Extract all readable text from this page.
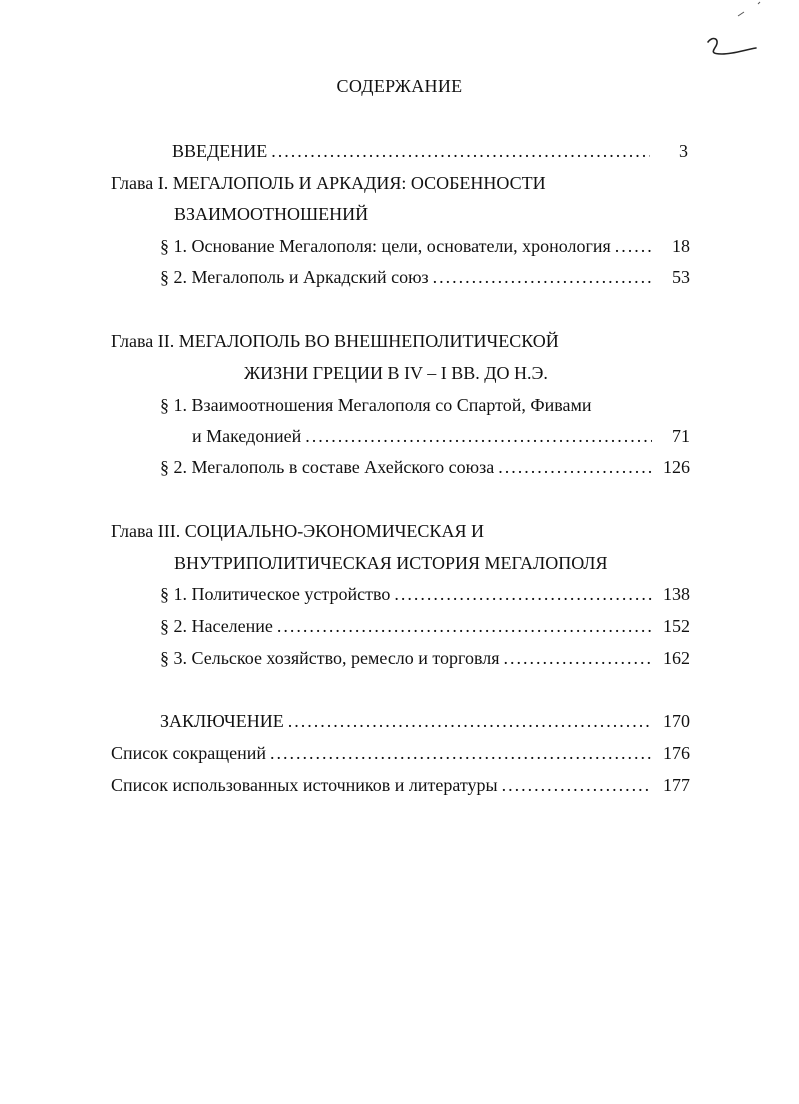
СОДЕРЖАНИЕ
ВВЕДЕНИЕ .....	3
Глава I. МЕГАЛОПОЛЬ И АРКАДИЯ: ОСОБЕННОСТИ
ВЗАИМООТНОШЕНИЙ
§ 1. Основание Мегалополя: цели, основатели, хронология .....	18
§ 2. Мегалополь и Аркадский союз .....	53
Глава II. МЕГАЛОПОЛЬ ВО ВНЕШНЕПОЛИТИЧЕСКОЙ
ЖИЗНИ ГРЕЦИИ В IV – I ВВ. ДО Н.Э.
§ 1. Взаимоотношения Мегалополя со Спартой, Фивами
и Македонией .....	71
§ 2. Мегалополь в составе Ахейского союза .....	126
Глава III. СОЦИАЛЬНО-ЭКОНОМИЧЕСКАЯ И
ВНУТРИПОЛИТИЧЕСКАЯ ИСТОРИЯ МЕГАЛОПОЛЯ
§ 1. Политическое устройство .....	138
§ 2. Население .....	152
§ 3. Сельское хозяйство, ремесло и торговля .....	162
ЗАКЛЮЧЕНИЕ .....	170
Список сокращений .....	176
Список использованных источников и литературы .....	177
